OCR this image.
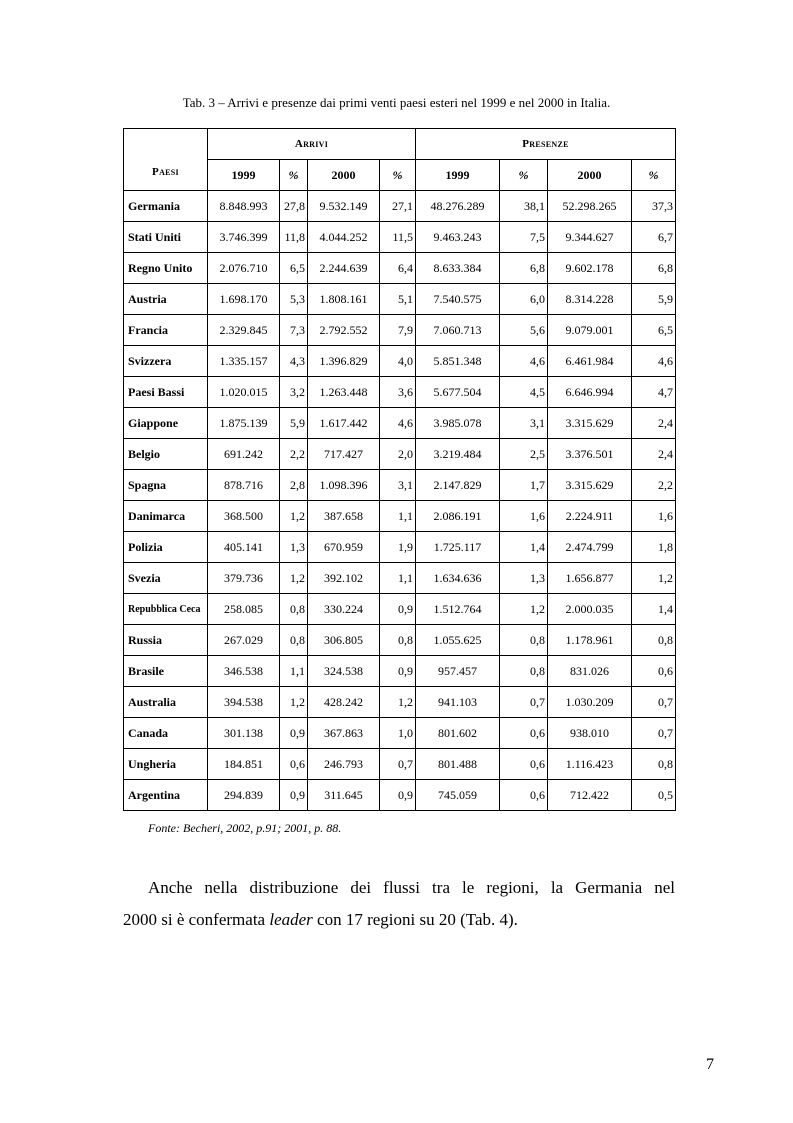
Tab. 3 – Arrivi e presenze dai primi venti paesi esteri nel 1999 e nel 2000 in Italia.
Paesi	Arrivi				Presenze			
	1999	%	2000	%	1999	%	2000	%
Germania	8.848.993	27,8	9.532.149	27,1	48.276.289	38,1	52.298.265	37,3
Stati Uniti	3.746.399	11,8	4.044.252	11,5	9.463.243	7,5	9.344.627	6,7
Regno Unito	2.076.710	6,5	2.244.639	6,4	8.633.384	6,8	9.602.178	6,8
Austria	1.698.170	5,3	1.808.161	5,1	7.540.575	6,0	8.314.228	5,9
Francia	2.329.845	7,3	2.792.552	7,9	7.060.713	5,6	9.079.001	6,5
Svizzera	1.335.157	4,3	1.396.829	4,0	5.851.348	4,6	6.461.984	4,6
Paesi Bassi	1.020.015	3,2	1.263.448	3,6	5.677.504	4,5	6.646.994	4,7
Giappone	1.875.139	5,9	1.617.442	4,6	3.985.078	3,1	3.315.629	2,4
Belgio	691.242	2,2	717.427	2,0	3.219.484	2,5	3.376.501	2,4
Spagna	878.716	2,8	1.098.396	3,1	2.147.829	1,7	3.315.629	2,2
Danimarca	368.500	1,2	387.658	1,1	2.086.191	1,6	2.224.911	1,6
Polizia	405.141	1,3	670.959	1,9	1.725.117	1,4	2.474.799	1,8
Svezia	379.736	1,2	392.102	1,1	1.634.636	1,3	1.656.877	1,2
Repubblica Ceca	258.085	0,8	330.224	0,9	1.512.764	1,2	2.000.035	1,4
Russia	267.029	0,8	306.805	0,8	1.055.625	0,8	1.178.961	0,8
Brasile	346.538	1,1	324.538	0,9	957.457	0,8	831.026	0,6
Australia	394.538	1,2	428.242	1,2	941.103	0,7	1.030.209	0,7
Canada	301.138	0,9	367.863	1,0	801.602	0,6	938.010	0,7
Ungheria	184.851	0,6	246.793	0,7	801.488	0,6	1.116.423	0,8
Argentina	294.839	0,9	311.645	0,9	745.059	0,6	712.422	0,5
Fonte: Becheri, 2002, p.91; 2001, p. 88.
Anche nella distribuzione dei flussi tra le regioni, la Germania nel
2000 si è confermata leader con 17 regioni su 20 (Tab. 4).
7
